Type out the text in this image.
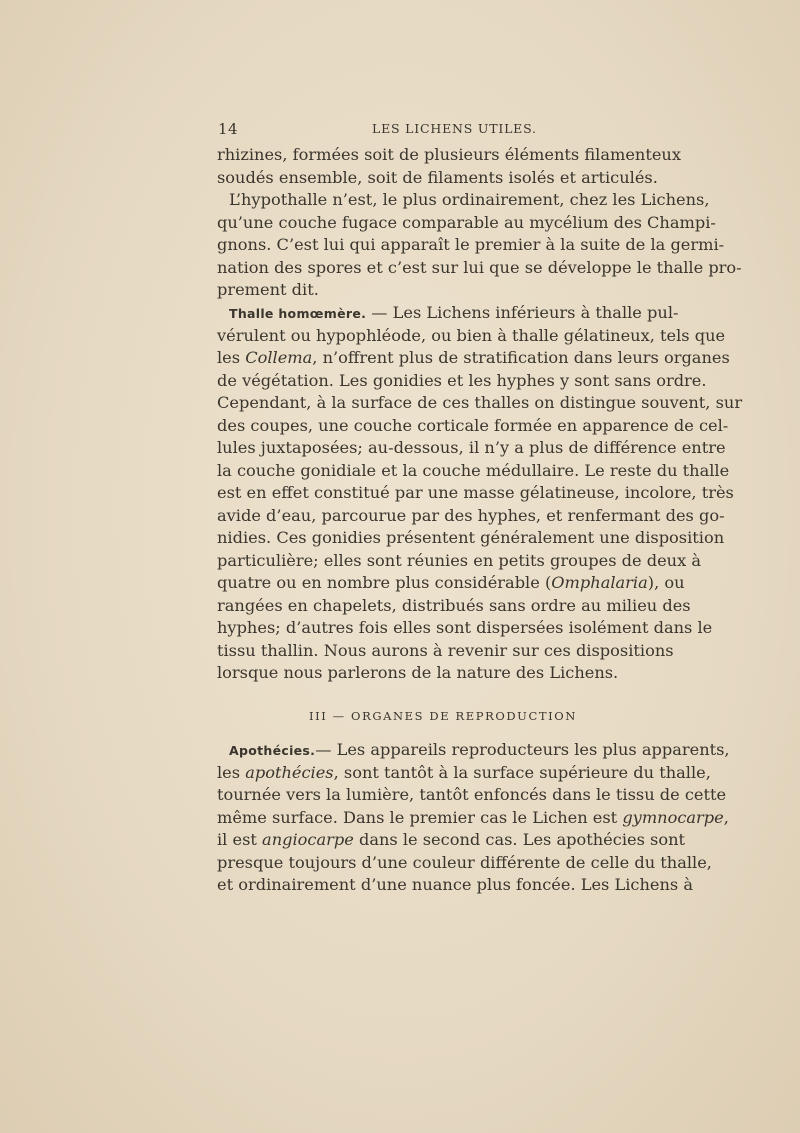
14	LES LICHENS UTILES.
rhizines, formées soit de plusieurs éléments filamenteux
soudés ensemble, soit de filaments isolés et articulés.
L’hypothalle n’est, le plus ordinairement, chez les Lichens,
qu’une couche fugace comparable au mycélium des Champi-
gnons. C’est lui qui apparaît le premier à la suite de la germi-
nation des spores et c’est sur lui que se développe le thalle pro-
prement dit.
Thalle homœmère. — Les Lichens inférieurs à thalle pul-
vérulent ou hypophléode, ou bien à thalle gélatineux, tels que
les Collema, n’offrent plus de stratification dans leurs organes
de végétation. Les gonidies et les hyphes y sont sans ordre.
Cependant, à la surface de ces thalles on distingue souvent, sur
des coupes, une couche corticale formée en apparence de cel-
lules juxtaposées; au-dessous, il n’y a plus de différence entre
la couche gonidiale et la couche médullaire. Le reste du thalle
est en effet constitué par une masse gélatineuse, incolore, très
avide d’eau, parcourue par des hyphes, et renfermant des go-
nidies. Ces gonidies présentent généralement une disposition
particulière; elles sont réunies en petits groupes de deux à
quatre ou en nombre plus considérable (Omphalaria), ou
rangées en chapelets, distribués sans ordre au milieu des
hyphes; d’autres fois elles sont dispersées isolément dans le
tissu thallin. Nous aurons à revenir sur ces dispositions
lorsque nous parlerons de la nature des Lichens.
III — ORGANES DE REPRODUCTION
Apothécies.— Les appareils reproducteurs les plus apparents,
les apothécies, sont tantôt à la surface supérieure du thalle,
tournée vers la lumière, tantôt enfoncés dans le tissu de cette
même surface. Dans le premier cas le Lichen est gymnocarpe,
il est angiocarpe dans le second cas. Les apothécies sont
presque toujours d’une couleur différente de celle du thalle,
et ordinairement d’une nuance plus foncée. Les Lichens à
